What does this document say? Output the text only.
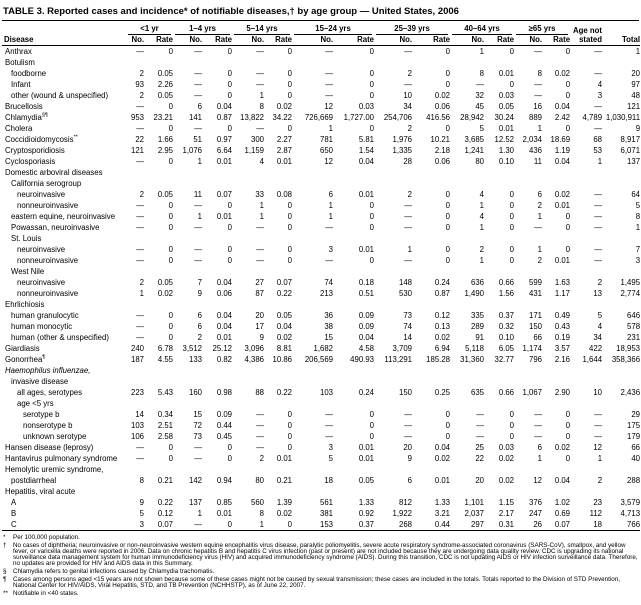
TABLE 3. Reported cases and incidence* of notifiable diseases,† by age group — United States, 2006

	<1 yr		1–4 yrs		5–14 yrs		15–24 yrs		25–39 yrs		40–64 yrs		≥65 yrs		Age not	
Disease	No.	Rate	No.	Rate	No.	Rate	No.	Rate	No.	Rate	No.	Rate	No.	Rate	stated	Total
Anthrax	—	0	—	0	—	0	—	0	—	0	1	0	—	0	—	1
Botulism																
foodborne	2	0.05	—	0	—	0	—	0	2	0	8	0.01	8	0.02	—	20
Infant	93	2.26	—	0	—	0	—	0	—	0	—	0	—	0	4	97
other (wound & unspecified)	2	0.05	—	0	1	0	—	0	10	0.02	32	0.03	—	0	3	48
Brucellosis	—	0	6	0.04	8	0.02	12	0.03	34	0.06	45	0.05	16	0.04	—	121
Chlamydia§¶	953	23.21	141	0.87	13,822	34.22	726,669	1,727.00	254,706	416.56	28,942	30.24	889	2.42	4,789	1,030,911
Cholera	—	0	—	0	—	0	1	0	2	0	5	0.01	1	0	—	9
Coccidioidomycosis**	22	1.66	51	0.97	300	2.27	781	5.81	1,976	10.21	3,685	12.52	2,034	18.69	68	8,917
Cryptosporidiosis	121	2.95	1,076	6.64	1,159	2.87	650	1.54	1,335	2.18	1,241	1.30	436	1.19	53	6,071
Cyclosporiasis	—	0	1	0.01	4	0.01	12	0.04	28	0.06	80	0.10	11	0.04	1	137
Domestic arboviral diseases																
California serogroup																
neuroinvasive	2	0.05	11	0.07	33	0.08	6	0.01	2	0	4	0	6	0.02	—	64
nonneuroinvasive	—	0	—	0	1	0	1	0	—	0	1	0	2	0.01	—	5
eastern equine, neuroinvasive	—	0	1	0.01	1	0	1	0	—	0	4	0	1	0	—	8
Powassan, neuroinvasive	—	0	—	0	—	0	—	0	—	0	1	0	—	0	—	1
St. Louis																
neuroinvasive	—	0	—	0	—	0	3	0.01	1	0	2	0	1	0	—	7
nonneuroinvasive	—	0	—	0	—	0	—	0	—	0	1	0	2	0.01	—	3
West Nile																
neuroinvasive	2	0.05	7	0.04	27	0.07	74	0.18	148	0.24	636	0.66	599	1.63	2	1,495
nonneuroinvasive	1	0.02	9	0.06	87	0.22	213	0.51	530	0.87	1,490	1.56	431	1.17	13	2,774
Ehrlichiosis																
human granulocytic	—	0	6	0.04	20	0.05	36	0.09	73	0.12	335	0.37	171	0.49	5	646
human monocytic	—	0	6	0.04	17	0.04	38	0.09	74	0.13	289	0.32	150	0.43	4	578
human (other & unspecified)	—	0	2	0.01	9	0.02	15	0.04	14	0.02	91	0.10	66	0.19	34	231
Giardiasis	240	6.78	3,512	25.12	3,096	8.81	1,682	4.58	3,709	6.94	5,118	6.05	1,174	3.57	422	18,953
Gonorrhea¶	187	4.55	133	0.82	4,386	10.86	206,569	490.93	113,291	185.28	31,360	32.77	796	2.16	1,644	358,366
Haemophilus influenzae,																
invasive disease																
all ages, serotypes	223	5.43	160	0.98	88	0.22	103	0.24	150	0.25	635	0.66	1,067	2.90	10	2,436
age <5 yrs																
serotype b	14	0.34	15	0.09	—	0	—	0	—	0	—	0	—	0	—	29
nonserotype b	103	2.51	72	0.44	—	0	—	0	—	0	—	0	—	0	—	175
unknown serotype	106	2.58	73	0.45	—	0	—	0	—	0	—	0	—	0	—	179
Hansen disease (leprosy)	—	0	—	0	—	0	3	0.01	20	0.04	25	0.03	6	0.02	12	66
Hantavirus pulmonary syndrome	—	0	—	0	2	0.01	5	0.01	9	0.02	22	0.02	1	0	1	40
Hemolytic uremic syndrome,																
postdiarrheal	8	0.21	142	0.94	80	0.21	18	0.05	6	0.01	20	0.02	12	0.04	2	288
Hepatitis, viral acute																
A	9	0.22	137	0.85	560	1.39	561	1.33	812	1.33	1,101	1.15	376	1.02	23	3,579
B	5	0.12	1	0.01	8	0.02	381	0.92	1,922	3.21	2,037	2.17	247	0.69	112	4,713
C	3	0.07	—	0	1	0	153	0.37	268	0.44	297	0.31	26	0.07	18	766
* Per 100,000 population.
† No cases of diphtheria; neuroinvasive or non-neuroinvasive western equine encephalitis virus disease, paralytic poliomyelitis, severe acute respiratory syndrome-associated coronavirus (SARS-CoV), smallpox, and yellow fever, or varicella deaths were reported in 2006. Data on chronic hepatitis B and hepatitis C virus infection (past or present) are not included because they are undergoing data quality review. CDC is upgrading its national surveillance data management system for human immunodeficiency virus (HIV) and acquired immunodeficiency syndrome (AIDS). During this transition, CDC is not updating AIDS or HIV infection surveillance data. Therefore, no updates are provided for HIV and AIDS data in this Summary.
§ Chlamydia refers to genital infections caused by Chlamydia trachomatis.
¶ Cases among persons aged <15 years are not shown because some of these cases might not be caused by sexual transmission; these cases are included in the totals. Totals reported to the Division of STD Prevention, National Center for HIV/AIDS, Viral Hepatitis, STD, and TB Prevention (NCHHSTP), as of June 22, 2007.
** Notifiable in <40 states.
